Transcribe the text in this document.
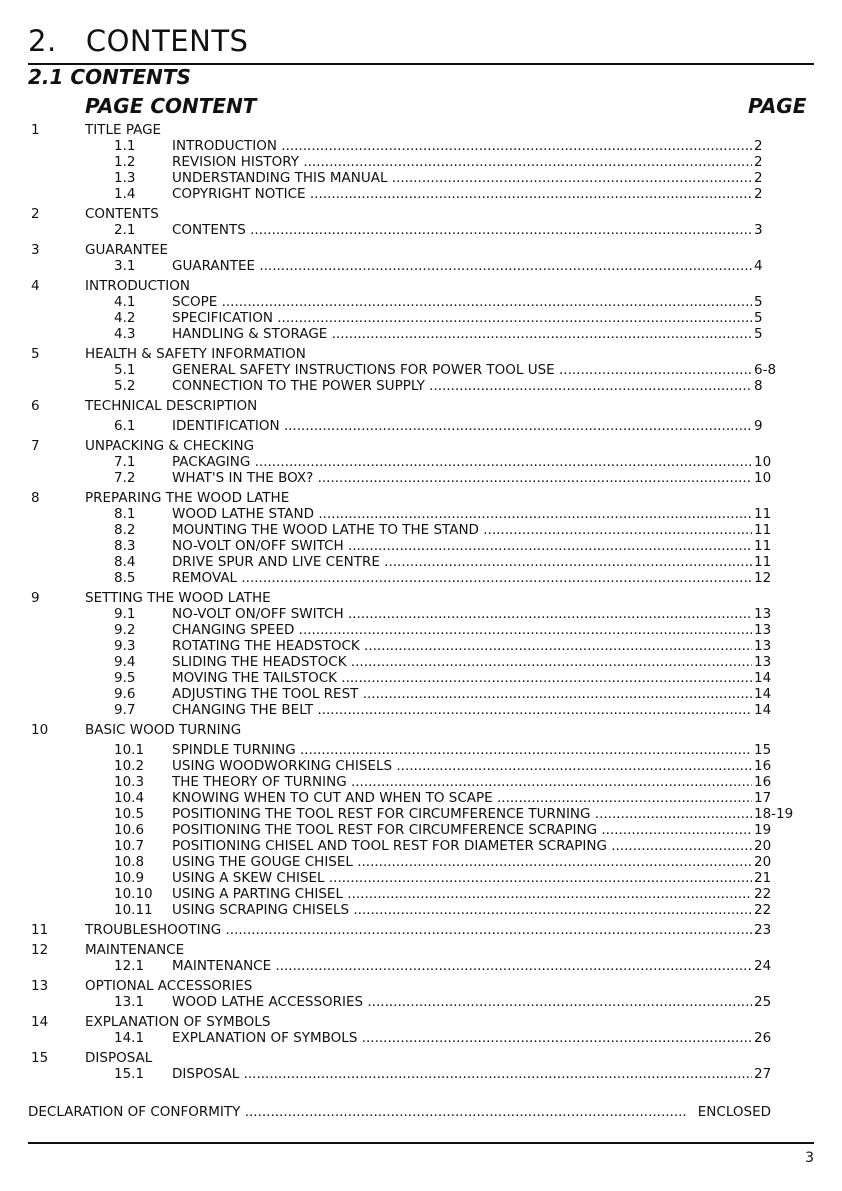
2.   CONTENTS
2.1 CONTENTS
PAGE CONTENT	PAGE
1	TITLE PAGE
1.1	INTRODUCTION .....	2
1.2	REVISION HISTORY .....	2
1.3	UNDERSTANDING THIS MANUAL .....	2
1.4	COPYRIGHT NOTICE .....	2
2	CONTENTS
2.1	CONTENTS .....	3
3	GUARANTEE
3.1	GUARANTEE .....	4
4	INTRODUCTION
4.1	SCOPE .....	5
4.2	SPECIFICATION .....	5
4.3	HANDLING & STORAGE .....	5
5	HEALTH & SAFETY INFORMATION
5.1	GENERAL SAFETY INSTRUCTIONS FOR POWER TOOL USE .....	6-8
5.2	CONNECTION TO THE POWER SUPPLY .....	8
6	TECHNICAL DESCRIPTION
6.1	IDENTIFICATION .....	9
7	UNPACKING & CHECKING
7.1	PACKAGING .....	10
7.2	WHAT'S IN THE BOX? .....	10
8	PREPARING THE WOOD LATHE
8.1	WOOD LATHE STAND .....	11
8.2	MOUNTING THE WOOD LATHE TO THE STAND .....	11
8.3	NO-VOLT ON/OFF SWITCH .....	11
8.4	DRIVE SPUR AND LIVE CENTRE .....	11
8.5	REMOVAL .....	12
9	SETTING THE WOOD LATHE
9.1	NO-VOLT ON/OFF SWITCH .....	13
9.2	CHANGING SPEED .....	13
9.3	ROTATING THE HEADSTOCK .....	13
9.4	SLIDING THE HEADSTOCK .....	13
9.5	MOVING THE TAILSTOCK .....	14
9.6	ADJUSTING THE TOOL REST .....	14
9.7	CHANGING THE BELT .....	14
10	BASIC WOOD TURNING
10.1 SPINDLE TURNING .....	15
10.2 USING WOODWORKING CHISELS .....	16
10.3 THE THEORY OF TURNING .....	16
10.4 KNOWING WHEN TO CUT AND WHEN TO SCAPE .....	17
10.5 POSITIONING THE TOOL REST FOR CIRCUMFERENCE TURNING .....	18-19
10.6 POSITIONING THE TOOL REST FOR CIRCUMFERENCE SCRAPING .....	19
10.7 POSITIONING CHISEL AND TOOL REST FOR DIAMETER SCRAPING .....	20
10.8 USING THE GOUGE CHISEL .....	20
10.9 USING A SKEW CHISEL .....	21
10.10 USING A PARTING CHISEL .....	22
10.11 USING SCRAPING CHISELS .....	22
11	TROUBLESHOOTING .....	23
12	MAINTENANCE
12.1 MAINTENANCE .....	24
13	OPTIONAL ACCESSORIES
13.1 WOOD LATHE ACCESSORIES .....	25
14	EXPLANATION OF SYMBOLS
14.1 EXPLANATION OF SYMBOLS .....	26
15	DISPOSAL
15.1 DISPOSAL .....	27
DECLARATION OF CONFORMITY .....	ENCLOSED
3
